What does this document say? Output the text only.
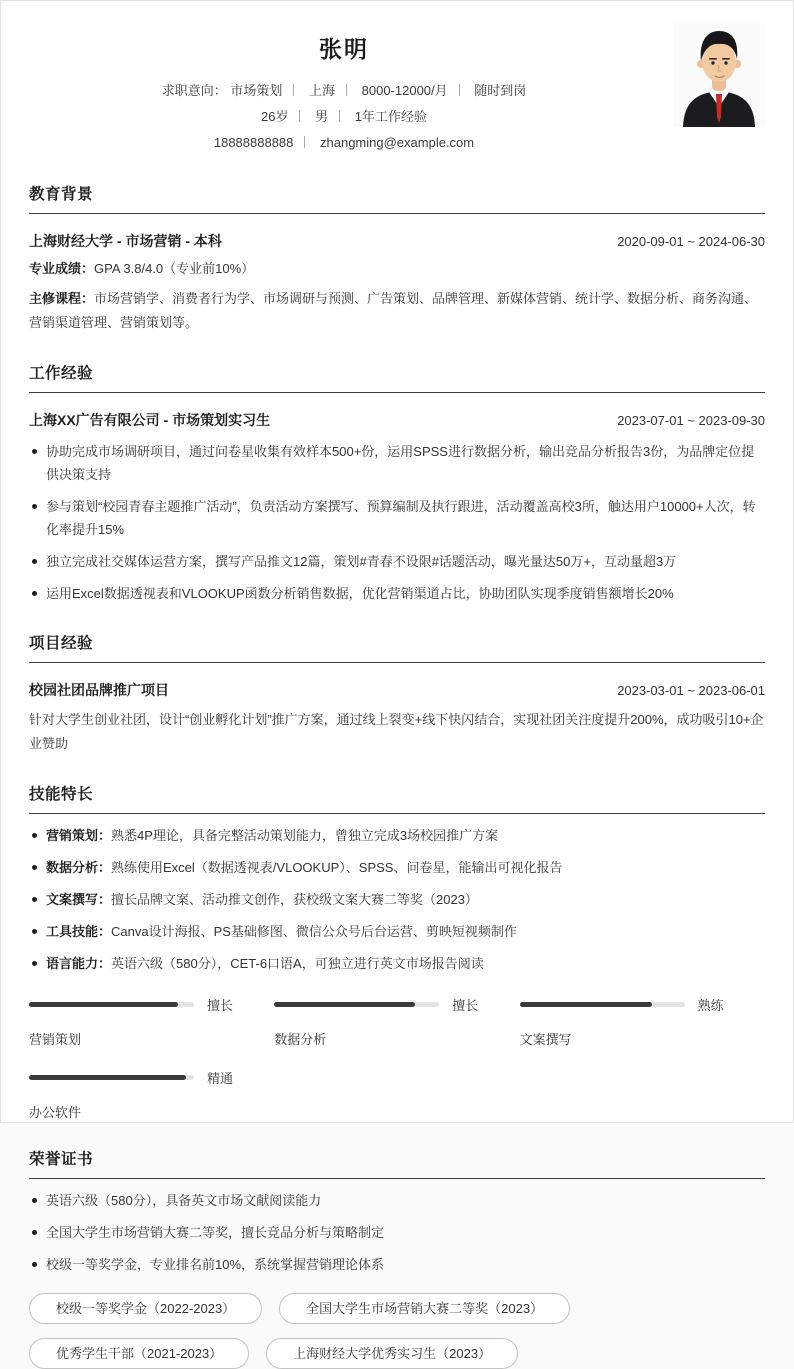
张明
求职意向： 市场策划 上海 8000-12000/月 随时到岗
26岁 男 1年工作经验
18888888888 zhangming@example.com
教育背景
上海财经大学 - 市场营销 - 本科	2020-09-01 ~ 2024-06-30
专业成绩：GPA 3.8/4.0（专业前10%）
主修课程：市场营销学、消费者行为学、市场调研与预测、广告策划、品牌管理、新媒体营销、统计学、数据分析、商务沟通、营销渠道管理、营销策划等。
工作经验
上海XX广告有限公司 - 市场策划实习生	2023-07-01 ~ 2023-09-30
协助完成市场调研项目，通过问卷星收集有效样本500+份，运用SPSS进行数据分析，输出竞品分析报告3份，为品牌定位提供决策支持
参与策划“校园青春主题推广活动”，负责活动方案撰写、预算编制及执行跟进，活动覆盖高校3所，触达用户10000+人次，转化率提升15%
独立完成社交媒体运营方案，撰写产品推文12篇，策划#青春不设限#话题活动，曝光量达50万+，互动量超3万
运用Excel数据透视表和VLOOKUP函数分析销售数据，优化营销渠道占比，协助团队实现季度销售额增长20%
项目经验
校园社团品牌推广项目	2023-03-01 ~ 2023-06-01
针对大学生创业社团，设计“创业孵化计划”推广方案，通过线上裂变+线下快闪结合，实现社团关注度提升200%，成功吸引10+企业赞助
技能特长
营销策划：熟悉4P理论，具备完整活动策划能力，曾独立完成3场校园推广方案
数据分析：熟练使用Excel（数据透视表/VLOOKUP）、SPSS、问卷星，能输出可视化报告
文案撰写：擅长品牌文案、活动推文创作，获校级文案大赛二等奖（2023）
工具技能：Canva设计海报、PS基础修图、微信公众号后台运营、剪映短视频制作
语言能力：英语六级（580分），CET-6口语A，可独立进行英文市场报告阅读
擅长
营销策划
擅长
数据分析
熟练
文案撰写
精通
办公软件
荣誉证书
英语六级（580分），具备英文市场文献阅读能力
全国大学生市场营销大赛二等奖，擅长竞品分析与策略制定
校级一等奖学金，专业排名前10%，系统掌握营销理论体系
校级一等奖学金（2022-2023）	全国大学生市场营销大赛二等奖（2023）
优秀学生干部（2021-2023）	上海财经大学优秀实习生（2023）
